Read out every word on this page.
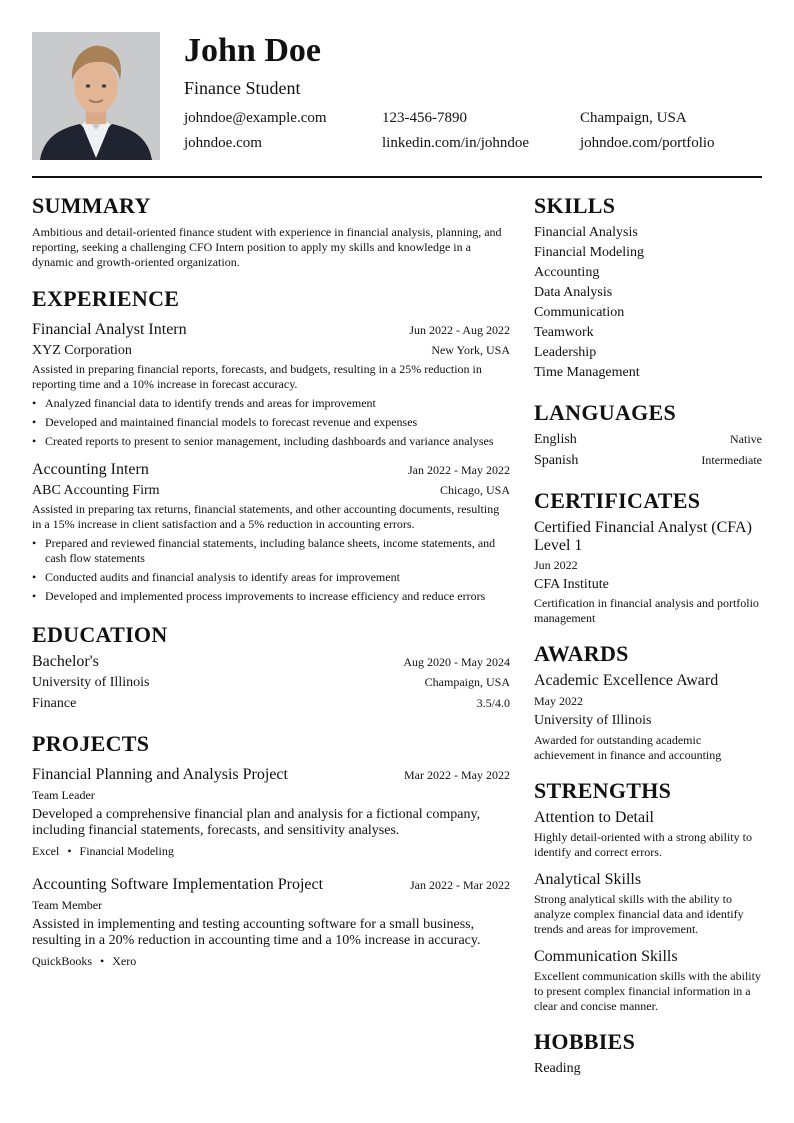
John Doe
Finance Student
johndoe@example.com	123-456-7890	Champaign, USA
johndoe.com	linkedin.com/in/johndoe	johndoe.com/portfolio
SUMMARY
Ambitious and detail-oriented finance student with experience in financial analysis, planning, and reporting, seeking a challenging CFO Intern position to apply my skills and knowledge in a dynamic and growth-oriented organization.
EXPERIENCE
Financial Analyst Intern	Jun 2022 - Aug 2022
XYZ Corporation	New York, USA
Assisted in preparing financial reports, forecasts, and budgets, resulting in a 25% reduction in reporting time and a 10% increase in forecast accuracy.
• Analyzed financial data to identify trends and areas for improvement
• Developed and maintained financial models to forecast revenue and expenses
• Created reports to present to senior management, including dashboards and variance analyses
Accounting Intern	Jan 2022 - May 2022
ABC Accounting Firm	Chicago, USA
Assisted in preparing tax returns, financial statements, and other accounting documents, resulting in a 15% increase in client satisfaction and a 5% reduction in accounting errors.
• Prepared and reviewed financial statements, including balance sheets, income statements, and cash flow statements
• Conducted audits and financial analysis to identify areas for improvement
• Developed and implemented process improvements to increase efficiency and reduce errors
EDUCATION
Bachelor's	Aug 2020 - May 2024
University of Illinois	Champaign, USA
Finance	3.5/4.0
PROJECTS
Financial Planning and Analysis Project	Mar 2022 - May 2022
Team Leader
Developed a comprehensive financial plan and analysis for a fictional company, including financial statements, forecasts, and sensitivity analyses.
Excel • Financial Modeling
Accounting Software Implementation Project	Jan 2022 - Mar 2022
Team Member
Assisted in implementing and testing accounting software for a small business, resulting in a 20% reduction in accounting time and a 10% increase in accuracy.
QuickBooks • Xero
SKILLS
Financial Analysis
Financial Modeling
Accounting
Data Analysis
Communication
Teamwork
Leadership
Time Management
LANGUAGES
English	Native
Spanish	Intermediate
CERTIFICATES
Certified Financial Analyst (CFA) Level 1
Jun 2022
CFA Institute
Certification in financial analysis and portfolio management
AWARDS
Academic Excellence Award
May 2022
University of Illinois
Awarded for outstanding academic achievement in finance and accounting
STRENGTHS
Attention to Detail
Highly detail-oriented with a strong ability to identify and correct errors.
Analytical Skills
Strong analytical skills with the ability to analyze complex financial data and identify trends and areas for improvement.
Communication Skills
Excellent communication skills with the ability to present complex financial information in a clear and concise manner.
HOBBIES
Reading
